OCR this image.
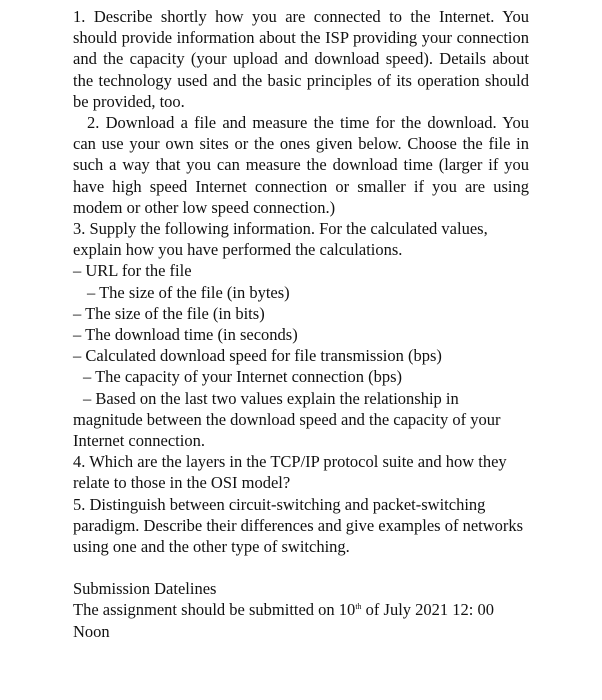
1. Describe shortly how you are connected to the Internet. You should provide information about the ISP providing your connection and the capacity (your upload and download speed). Details about the technology used and the basic principles of its operation should be provided, too.

2. Download a file and measure the time for the download. You can use your own sites or the ones given below. Choose the file in such a way that you can measure the download time (larger if you have high speed Internet connection or smaller if you are using modem or other low speed connection.)

3. Supply the following information. For the calculated values, explain how you have performed the calculations.

– URL for the file

– The size of the file (in bytes)

– The size of the file (in bits)

– The download time (in seconds)

– Calculated download speed for file transmission (bps)

– The capacity of your Internet connection (bps)

– Based on the last two values explain the relationship in magnitude between the download speed and the capacity of your Internet connection.

4. Which are the layers in the TCP/IP protocol suite and how they relate to those in the OSI model?

5. Distinguish between circuit-switching and packet-switching paradigm. Describe their differences and give examples of networks using one and the other type of switching.

Submission Datelines

The assignment should be submitted on 10th of July 2021 12: 00 Noon
